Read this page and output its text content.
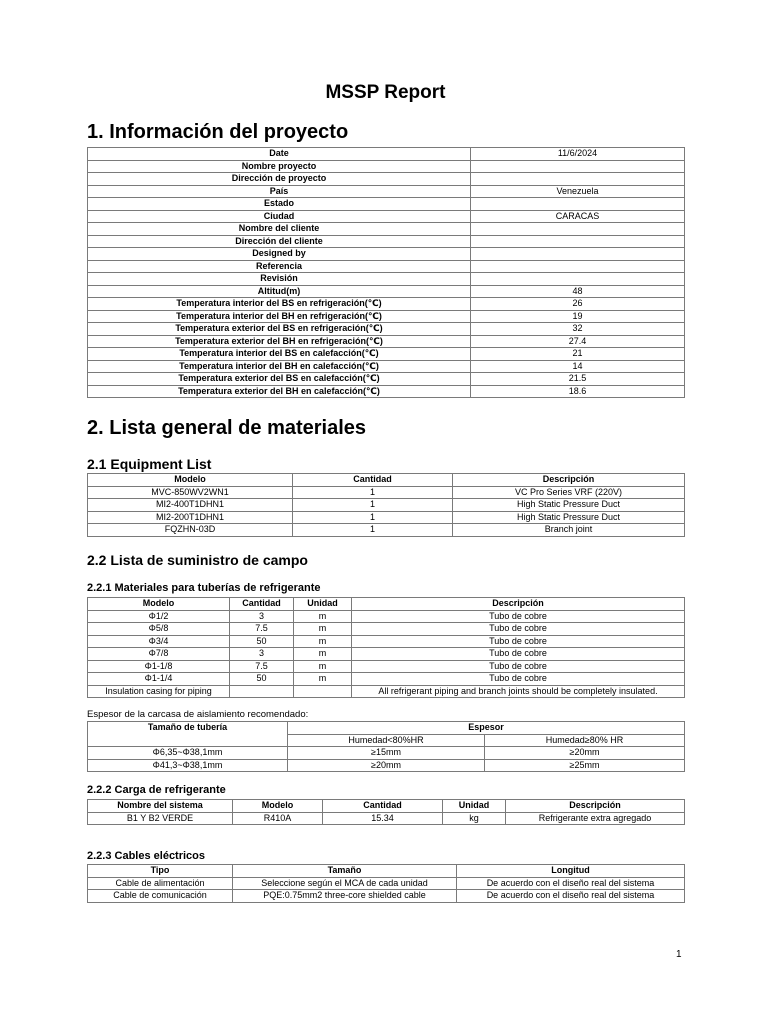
MSSP Report
1. Información del proyecto
Date	11/6/2024
Nombre proyecto	
Dirección de proyecto	
País	Venezuela
Estado	
Ciudad	CARACAS
Nombre del cliente	
Dirección del cliente	
Designed by	
Referencia	
Revisión	
Altitud(m)	48
Temperatura interior del BS en refrigeración(℃)	26
Temperatura interior del BH en refrigeración(℃)	19
Temperatura exterior del BS en refrigeración(℃)	32
Temperatura exterior del BH en refrigeración(℃)	27.4
Temperatura interior del BS en calefacción(℃)	21
Temperatura interior del BH en calefacción(℃)	14
Temperatura exterior del BS en calefacción(℃)	21.5
Temperatura exterior del BH en calefacción(℃)	18.6
2. Lista general de materiales
2.1 Equipment List
Modelo	Cantidad	Descripción
MVC-850WV2WN1	1	VC Pro Series VRF (220V)
MI2-400T1DHN1	1	High Static Pressure Duct
MI2-200T1DHN1	1	High Static Pressure Duct
FQZHN-03D	1	Branch joint
2.2 Lista de suministro de campo
2.2.1 Materiales para tuberías de refrigerante
Modelo	Cantidad	Unidad	Descripción
Φ1/2	3	m	Tubo de cobre
Φ5/8	7.5	m	Tubo de cobre
Φ3/4	50	m	Tubo de cobre
Φ7/8	3	m	Tubo de cobre
Φ1-1/8	7.5	m	Tubo de cobre
Φ1-1/4	50	m	Tubo de cobre
Insulation casing for piping			All refrigerant piping and branch joints should be completely insulated.

Espesor de la carcasa de aislamiento recomendado:

Tamaño de tubería	Espesor	
	Humedad<80%HR	Humedad≥80% HR
Φ6,35~Φ38,1mm	≥15mm	≥20mm
Φ41,3~Φ38,1mm	≥20mm	≥25mm
2.2.2 Carga de refrigerante
Nombre del sistema	Modelo	Cantidad	Unidad	Descripción
B1 Y B2 VERDE	R410A	15.34	kg	Refrigerante extra agregado
2.2.3 Cables eléctricos
Tipo	Tamaño	Longitud
Cable de alimentación	Seleccione según el MCA de cada unidad	De acuerdo con el diseño real del sistema
Cable de comunicación	PQE:0.75mm2 three-core shielded cable	De acuerdo con el diseño real del sistema
1
